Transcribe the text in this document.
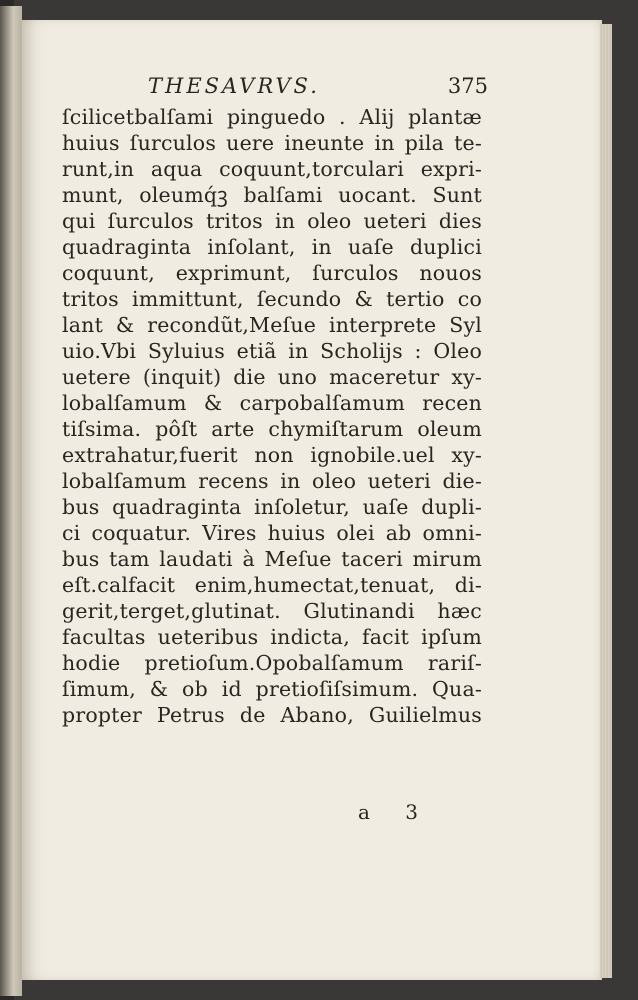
THESAVRVS.	375
ſcilicetbalſami pinguedo . Alij plantæ
huius ſurculos uere ineunte in pila te-
runt,in aqua coquunt,torculari expri-
munt, oleumq́ꝫ balſami uocant. Sunt
qui ſurculos tritos in oleo ueteri dies
quadraginta inſolant, in uaſe duplici
coquunt, exprimunt, ſurculos nouos
tritos immittunt, ſecundo & tertio co
lant & recondũt,Meſue interprete Syl
uio.Vbi Syluius etiã in Scholijs : Oleo
uetere (inquit) die uno maceretur xy-
lobalſamum & carpobalſamum recen
tiſsima. pôſt arte chymiſtarum oleum
extrahatur,fuerit non ignobile.uel xy-
lobalſamum recens in oleo ueteri die-
bus quadraginta inſoletur, uaſe dupli-
ci coquatur. Vires huius olei ab omni-
bus tam laudati à Meſue taceri mirum
eſt.calfacit enim,humectat,tenuat, di-
gerit,terget,glutinat. Glutinandi hæc
facultas ueteribus indicta, facit ipſum
hodie pretioſum.Opobalſamum rariſ-
ſimum, & ob id pretioſiſsimum. Qua-
propter Petrus de Abano, Guilielmus
a 3
